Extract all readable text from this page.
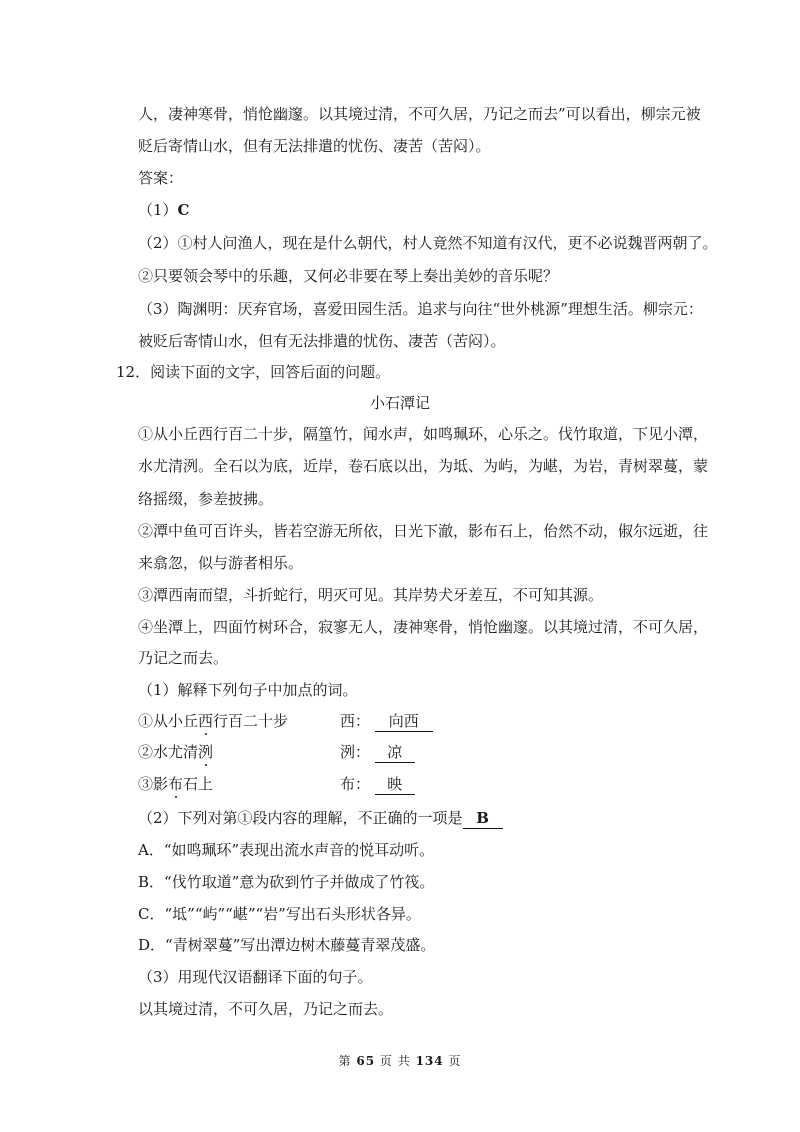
人，凄神寒骨，悄怆幽邃。以其境过清，不可久居，乃记之而去”可以看出，柳宗元被
贬后寄情山水，但有无法排遣的忧伤、凄苦（苦闷）。
答案：
（1）C
（2）①村人问渔人，现在是什么朝代，村人竟然不知道有汉代，更不必说魏晋两朝了。
②只要领会琴中的乐趣，又何必非要在琴上奏出美妙的音乐呢？
（3）陶渊明：厌弃官场，喜爱田园生活。追求与向往“世外桃源”理想生活。柳宗元：
被贬后寄情山水，但有无法排遣的忧伤、凄苦（苦闷）。
12．阅读下面的文字，回答后面的问题。
小石潭记
①从小丘西行百二十步，隔篁竹，闻水声，如鸣珮环，心乐之。伐竹取道，下见小潭，
水尤清洌。全石以为底，近岸，卷石底以出，为坻、为屿，为嵁，为岩，青树翠蔓，蒙
络摇缀，参差披拂。
②潭中鱼可百许头，皆若空游无所依，日光下澈，影布石上，佁然不动，俶尔远逝，往
来翕忽，似与游者相乐。
③潭西南而望，斗折蛇行，明灭可见。其岸势犬牙差互，不可知其源。
④坐潭上，四面竹树环合，寂寥无人，凄神寒骨，悄怆幽邃。以其境过清，不可久居，
乃记之而去。
（1）解释下列句子中加点的词。
①从小丘西行百二十步	西： 向西
②水尤清洌	洌： 凉
③影布石上	布： 映
（2）下列对第①段内容的理解，不正确的一项是 B
A．“如鸣珮环”表现出流水声音的悦耳动听。
B．“伐竹取道”意为砍到竹子并做成了竹筏。
C．“坻”“屿”“嵁”“岩”写出石头形状各异。
D．“青树翠蔓”写出潭边树木藤蔓青翠茂盛。
（3）用现代汉语翻译下面的句子。
以其境过清，不可久居，乃记之而去。
第 65 页 共 134 页
